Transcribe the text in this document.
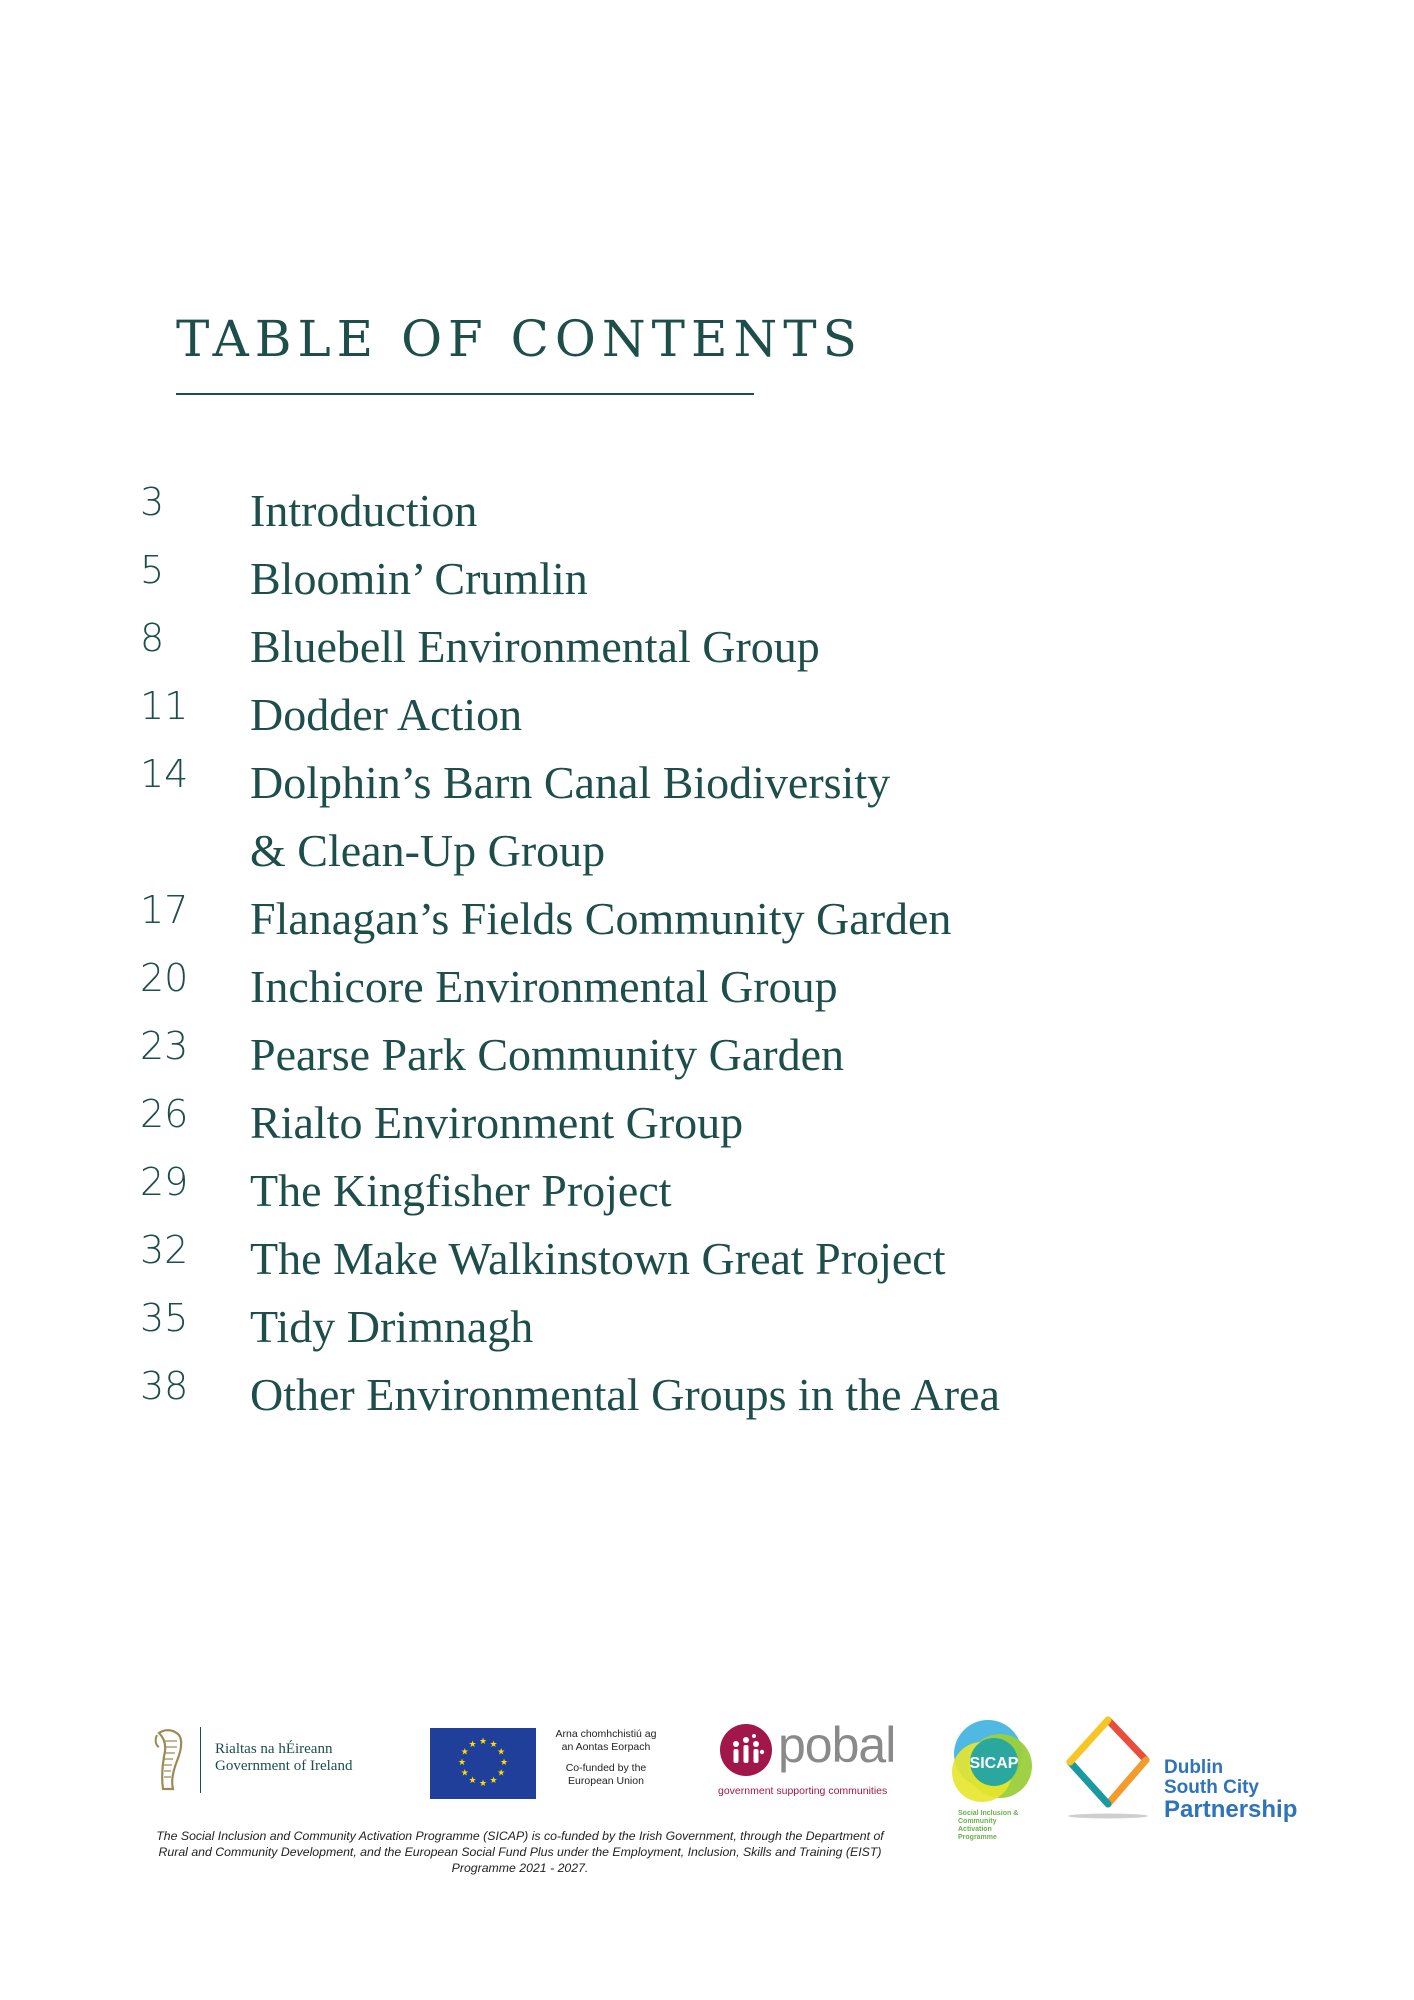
TABLE OF CONTENTS
3 Introduction
5 Bloomin’ Crumlin
8 Bluebell Environmental Group
11 Dodder Action
14 Dolphin’s Barn Canal Biodiversity
& Clean-Up Group
17 Flanagan’s Fields Community Garden
20 Inchicore Environmental Group
23 Pearse Park Community Garden
26 Rialto Environment Group
29 The Kingfisher Project
32 The Make Walkinstown Great Project
35 Tidy Drimnagh
38 Other Environmental Groups in the Area
Rialtas na hÉireann
Government of Ireland
★ ★
★
★
★
★
★
★
★
★
★
★
Arna chomhchistiú ag
an Aontas Eorpach
Co-funded by the
European Union
pobal
government supporting communities
SICAP
Social Inclusion & Community Activation Programme
Dublin
South City
Partnership
The Social Inclusion and Community Activation Programme (SICAP) is co-funded by the Irish Government, through the Department of Rural and Community Development, and the European Social Fund Plus under the Employment, Inclusion, Skills and Training (EIST) Programme 2021 - 2027.
